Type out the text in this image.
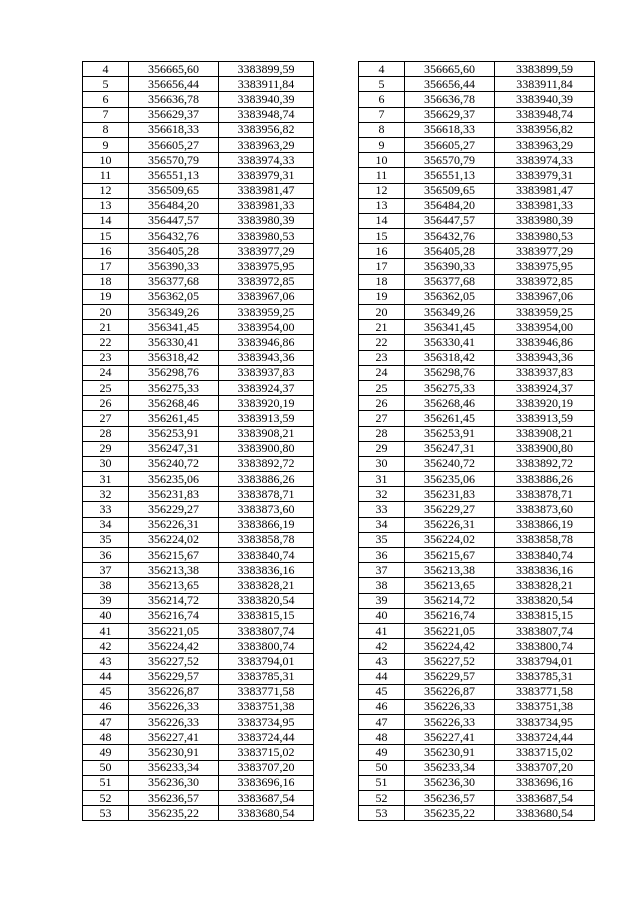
4	356665,60	3383899,59
5	356656,44	3383911,84
6	356636,78	3383940,39
7	356629,37	3383948,74
8	356618,33	3383956,82
9	356605,27	3383963,29
10	356570,79	3383974,33
11	356551,13	3383979,31
12	356509,65	3383981,47
13	356484,20	3383981,33
14	356447,57	3383980,39
15	356432,76	3383980,53
16	356405,28	3383977,29
17	356390,33	3383975,95
18	356377,68	3383972,85
19	356362,05	3383967,06
20	356349,26	3383959,25
21	356341,45	3383954,00
22	356330,41	3383946,86
23	356318,42	3383943,36
24	356298,76	3383937,83
25	356275,33	3383924,37
26	356268,46	3383920,19
27	356261,45	3383913,59
28	356253,91	3383908,21
29	356247,31	3383900,80
30	356240,72	3383892,72
31	356235,06	3383886,26
32	356231,83	3383878,71
33	356229,27	3383873,60
34	356226,31	3383866,19
35	356224,02	3383858,78
36	356215,67	3383840,74
37	356213,38	3383836,16
38	356213,65	3383828,21
39	356214,72	3383820,54
40	356216,74	3383815,15
41	356221,05	3383807,74
42	356224,42	3383800,74
43	356227,52	3383794,01
44	356229,57	3383785,31
45	356226,87	3383771,58
46	356226,33	3383751,38
47	356226,33	3383734,95
48	356227,41	3383724,44
49	356230,91	3383715,02
50	356233,34	3383707,20
51	356236,30	3383696,16
52	356236,57	3383687,54
53	356235,22	3383680,54
4	356665,60	3383899,59
5	356656,44	3383911,84
6	356636,78	3383940,39
7	356629,37	3383948,74
8	356618,33	3383956,82
9	356605,27	3383963,29
10	356570,79	3383974,33
11	356551,13	3383979,31
12	356509,65	3383981,47
13	356484,20	3383981,33
14	356447,57	3383980,39
15	356432,76	3383980,53
16	356405,28	3383977,29
17	356390,33	3383975,95
18	356377,68	3383972,85
19	356362,05	3383967,06
20	356349,26	3383959,25
21	356341,45	3383954,00
22	356330,41	3383946,86
23	356318,42	3383943,36
24	356298,76	3383937,83
25	356275,33	3383924,37
26	356268,46	3383920,19
27	356261,45	3383913,59
28	356253,91	3383908,21
29	356247,31	3383900,80
30	356240,72	3383892,72
31	356235,06	3383886,26
32	356231,83	3383878,71
33	356229,27	3383873,60
34	356226,31	3383866,19
35	356224,02	3383858,78
36	356215,67	3383840,74
37	356213,38	3383836,16
38	356213,65	3383828,21
39	356214,72	3383820,54
40	356216,74	3383815,15
41	356221,05	3383807,74
42	356224,42	3383800,74
43	356227,52	3383794,01
44	356229,57	3383785,31
45	356226,87	3383771,58
46	356226,33	3383751,38
47	356226,33	3383734,95
48	356227,41	3383724,44
49	356230,91	3383715,02
50	356233,34	3383707,20
51	356236,30	3383696,16
52	356236,57	3383687,54
53	356235,22	3383680,54
